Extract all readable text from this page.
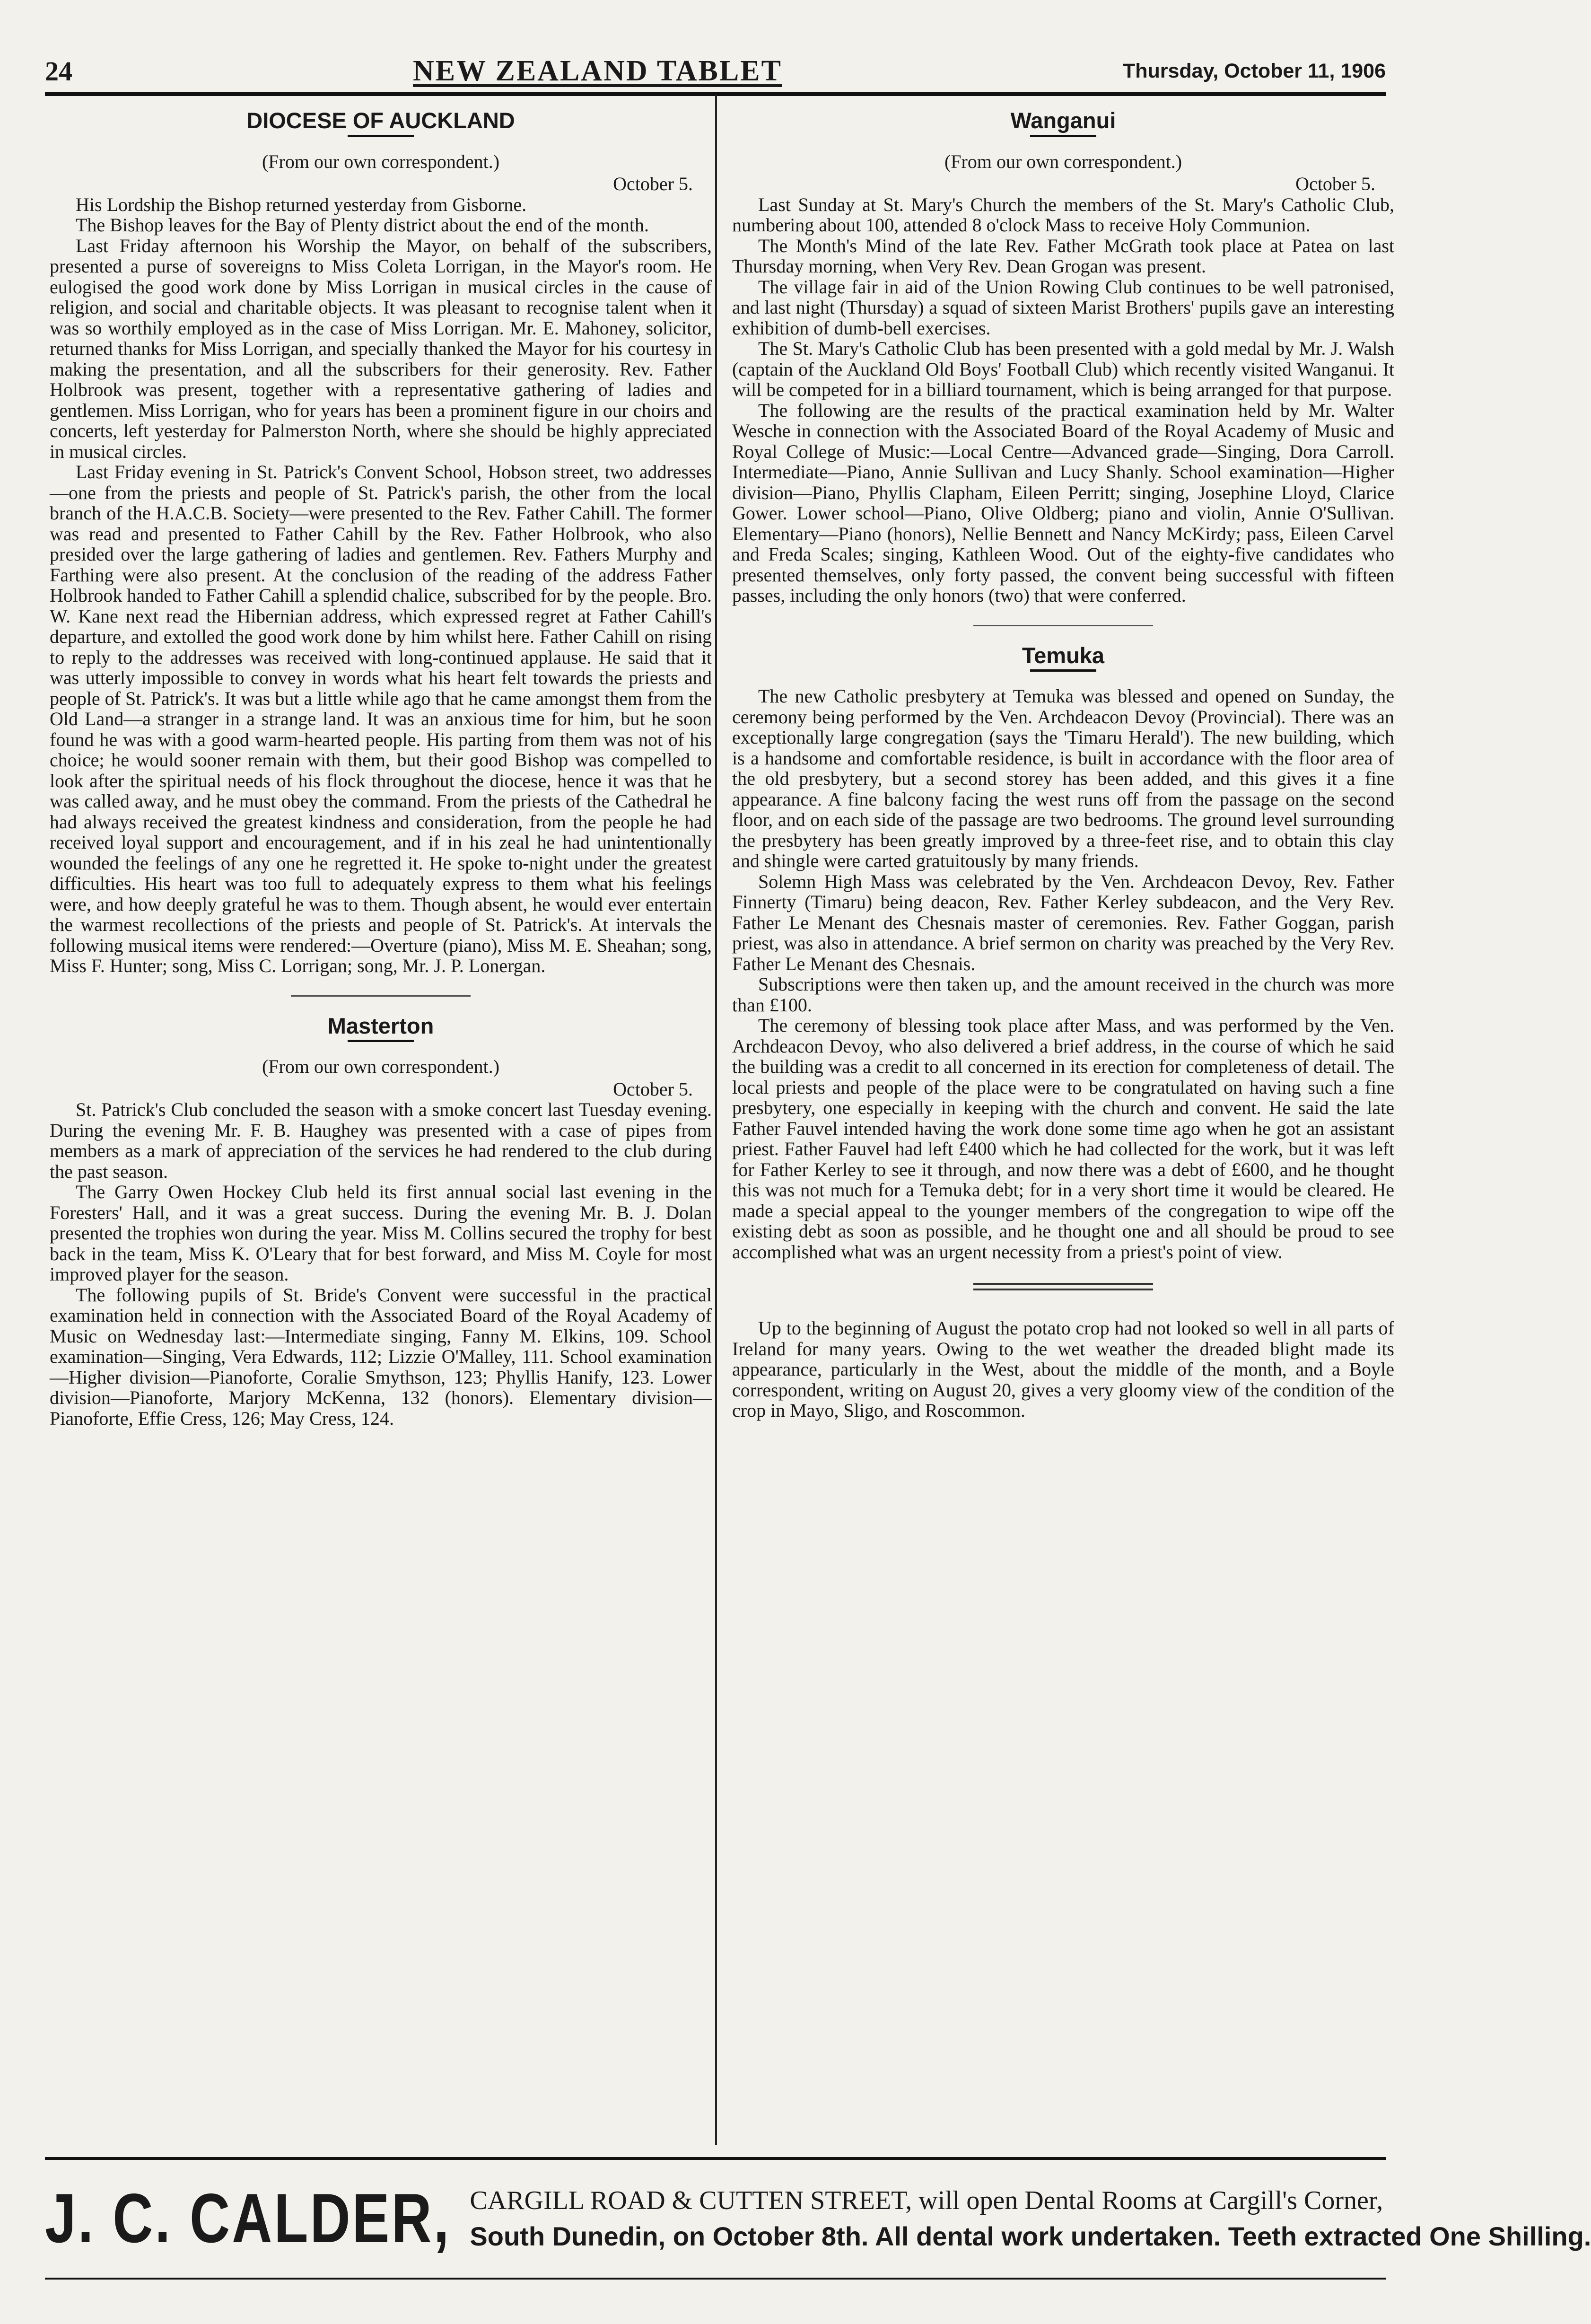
24	NEW ZEALAND TABLET	Thursday, October 11, 1906
DIOCESE OF AUCKLAND

(From our own correspondent.)

October 5.

His Lordship the Bishop returned yesterday from Gisborne.

The Bishop leaves for the Bay of Plenty district about the end of the month.

Last Friday afternoon his Worship the Mayor, on behalf of the subscribers, presented a purse of sovereigns to Miss Coleta Lorrigan, in the Mayor's room. He eulogised the good work done by Miss Lorrigan in musical circles in the cause of religion, and social and charitable objects. It was pleasant to recognise talent when it was so worthily employed as in the case of Miss Lorrigan. Mr. E. Mahoney, solicitor, returned thanks for Miss Lorrigan, and specially thanked the Mayor for his courtesy in making the presentation, and all the subscribers for their generosity. Rev. Father Holbrook was present, together with a representative gathering of ladies and gentlemen. Miss Lorrigan, who for years has been a prominent figure in our choirs and concerts, left yesterday for Palmerston North, where she should be highly appreciated in musical circles.

Last Friday evening in St. Patrick's Convent School, Hobson street, two addresses—one from the priests and people of St. Patrick's parish, the other from the local branch of the H.A.C.B. Society—were presented to the Rev. Father Cahill. The former was read and presented to Father Cahill by the Rev. Father Holbrook, who also presided over the large gathering of ladies and gentlemen. Rev. Fathers Murphy and Farthing were also present. At the conclusion of the reading of the address Father Holbrook handed to Father Cahill a splendid chalice, subscribed for by the people. Bro. W. Kane next read the Hibernian address, which expressed regret at Father Cahill's departure, and extolled the good work done by him whilst here. Father Cahill on rising to reply to the addresses was received with long-continued applause. He said that it was utterly impossible to convey in words what his heart felt towards the priests and people of St. Patrick's. It was but a little while ago that he came amongst them from the Old Land—a stranger in a strange land. It was an anxious time for him, but he soon found he was with a good warm-hearted people. His parting from them was not of his choice; he would sooner remain with them, but their good Bishop was compelled to look after the spiritual needs of his flock throughout the diocese, hence it was that he was called away, and he must obey the command. From the priests of the Cathedral he had always received the greatest kindness and consideration, from the people he had received loyal support and encouragement, and if in his zeal he had unintentionally wounded the feelings of any one he regretted it. He spoke to-night under the greatest difficulties. His heart was too full to adequately express to them what his feelings were, and how deeply grateful he was to them. Though absent, he would ever entertain the warmest recollections of the priests and people of St. Patrick's. At intervals the following musical items were rendered:—Overture (piano), Miss M. E. Sheahan; song, Miss F. Hunter; song, Miss C. Lorrigan; song, Mr. J. P. Lonergan.

Masterton

(From our own correspondent.)

October 5.

St. Patrick's Club concluded the season with a smoke concert last Tuesday evening. During the evening Mr. F. B. Haughey was presented with a case of pipes from members as a mark of appreciation of the services he had rendered to the club during the past season.

The Garry Owen Hockey Club held its first annual social last evening in the Foresters' Hall, and it was a great success. During the evening Mr. B. J. Dolan presented the trophies won during the year. Miss M. Collins secured the trophy for best back in the team, Miss K. O'Leary that for best forward, and Miss M. Coyle for most improved player for the season.

The following pupils of St. Bride's Convent were successful in the practical examination held in connection with the Associated Board of the Royal Academy of Music on Wednesday last:—Intermediate singing, Fanny M. Elkins, 109. School examination—Singing, Vera Edwards, 112; Lizzie O'Malley, 111. School examination—Higher division—Pianoforte, Coralie Smythson, 123; Phyllis Hanify, 123. Lower division—Pianoforte, Marjory McKenna, 132 (honors). Elementary division—Pianoforte, Effie Cress, 126; May Cress, 124.

Wanganui

(From our own correspondent.)

October 5.

Last Sunday at St. Mary's Church the members of the St. Mary's Catholic Club, numbering about 100, attended 8 o'clock Mass to receive Holy Communion.

The Month's Mind of the late Rev. Father McGrath took place at Patea on last Thursday morning, when Very Rev. Dean Grogan was present.

The village fair in aid of the Union Rowing Club continues to be well patronised, and last night (Thursday) a squad of sixteen Marist Brothers' pupils gave an interesting exhibition of dumb-bell exercises.

The St. Mary's Catholic Club has been presented with a gold medal by Mr. J. Walsh (captain of the Auckland Old Boys' Football Club) which recently visited Wanganui. It will be competed for in a billiard tournament, which is being arranged for that purpose.

The following are the results of the practical examination held by Mr. Walter Wesche in connection with the Associated Board of the Royal Academy of Music and Royal College of Music:—Local Centre—Advanced grade—Singing, Dora Carroll. Intermediate—Piano, Annie Sullivan and Lucy Shanly. School examination—Higher division—Piano, Phyllis Clapham, Eileen Perritt; singing, Josephine Lloyd, Clarice Gower. Lower school—Piano, Olive Oldberg; piano and violin, Annie O'Sullivan. Elementary—Piano (honors), Nellie Bennett and Nancy McKirdy; pass, Eileen Carvel and Freda Scales; singing, Kathleen Wood. Out of the eighty-five candidates who presented themselves, only forty passed, the convent being successful with fifteen passes, including the only honors (two) that were conferred.

Temuka

The new Catholic presbytery at Temuka was blessed and opened on Sunday, the ceremony being performed by the Ven. Archdeacon Devoy (Provincial). There was an exceptionally large congregation (says the 'Timaru Herald'). The new building, which is a handsome and comfortable residence, is built in accordance with the floor area of the old presbytery, but a second storey has been added, and this gives it a fine appearance. A fine balcony facing the west runs off from the passage on the second floor, and on each side of the passage are two bedrooms. The ground level surrounding the presbytery has been greatly improved by a three-feet rise, and to obtain this clay and shingle were carted gratuitously by many friends.

Solemn High Mass was celebrated by the Ven. Archdeacon Devoy, Rev. Father Finnerty (Timaru) being deacon, Rev. Father Kerley subdeacon, and the Very Rev. Father Le Menant des Chesnais master of ceremonies. Rev. Father Goggan, parish priest, was also in attendance. A brief sermon on charity was preached by the Very Rev. Father Le Menant des Chesnais.

Subscriptions were then taken up, and the amount received in the church was more than £100.

The ceremony of blessing took place after Mass, and was performed by the Ven. Archdeacon Devoy, who also delivered a brief address, in the course of which he said the building was a credit to all concerned in its erection for completeness of detail. The local priests and people of the place were to be congratulated on having such a fine presbytery, one especially in keeping with the church and convent. He said the late Father Fauvel intended having the work done some time ago when he got an assistant priest. Father Fauvel had left £400 which he had collected for the work, but it was left for Father Kerley to see it through, and now there was a debt of £600, and he thought this was not much for a Temuka debt; for in a very short time it would be cleared. He made a special appeal to the younger members of the congregation to wipe off the existing debt as soon as possible, and he thought one and all should be proud to see accomplished what was an urgent necessity from a priest's point of view.

Up to the beginning of August the potato crop had not looked so well in all parts of Ireland for many years. Owing to the wet weather the dreaded blight made its appearance, particularly in the West, about the middle of the month, and a Boyle correspondent, writing on August 20, gives a very gloomy view of the condition of the crop in Mayo, Sligo, and Roscommon.

J. C. CALDER, CARGILL ROAD & CUTTEN STREET, will open Dental Rooms at Cargill's Corner,
South Dunedin, on October 8th. All dental work undertaken. Teeth extracted One Shilling.
